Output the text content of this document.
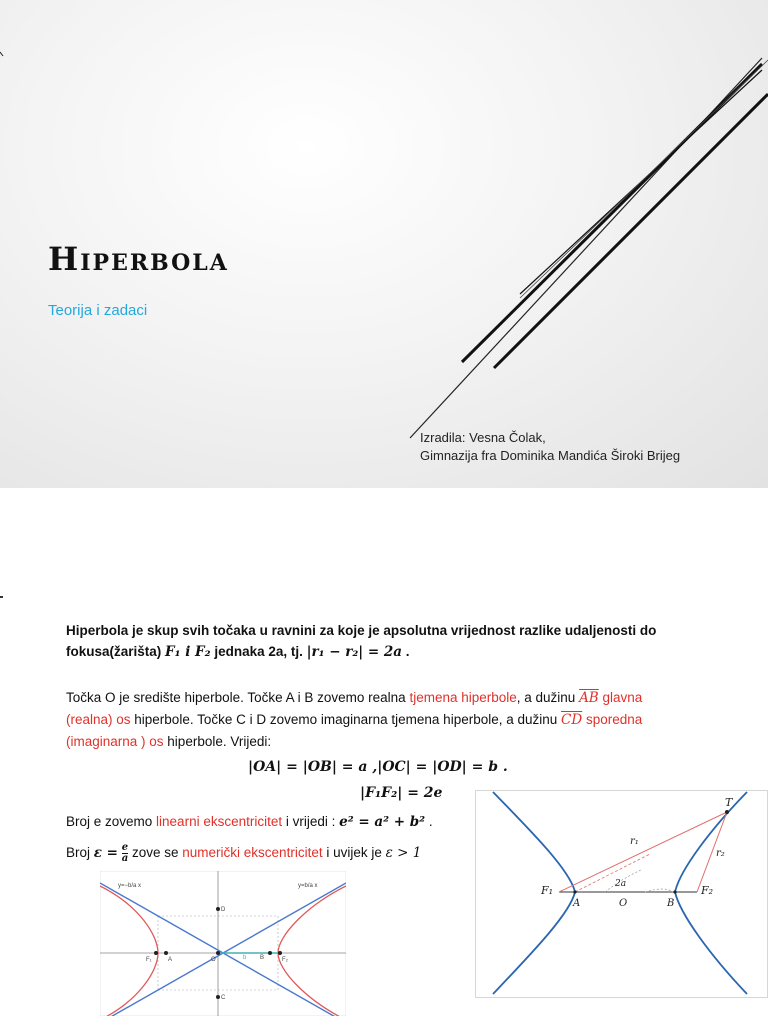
Hiperbola
Teorija i zadaci
Izradila: Vesna Čolak,
Gimnazija fra Dominika Mandića Široki Brijeg
Hiperbola je skup svih točaka u ravnini za koje je apsolutna vrijednost razlike udaljenosti do
fokusa(žarišta) F₁ i F₂ jednaka 2a, tj. |r₁ − r₂| = 2a .
Točka O je središte hiperbole. Točke A i B zovemo realna tjemena hiperbole, a dužinu $\overline{AB}$ glavna
(realna) os hiperbole. Točke C i D zovemo imaginarna tjemena hiperbole, a dužinu $\overline{CD}$ sporedna
(imaginarna ) os hiperbole. Vrijedi:
|OA| = |OB| = a ,|OC| = |OD| = b .
|F₁F₂| = 2e
Broj e zovemo linearni ekscentricitet i vrijedi : e² = a² + b² .
Broj $\varepsilon = \frac{e}{a}$ zove se numerički ekscentricitet i uvijek je ε > 1
y=−b/a x	y=b/a x
D
C
F₁	A	O	b B	F₂
T
r₁
r₂
2a
F₁
A	O	B
F₂
